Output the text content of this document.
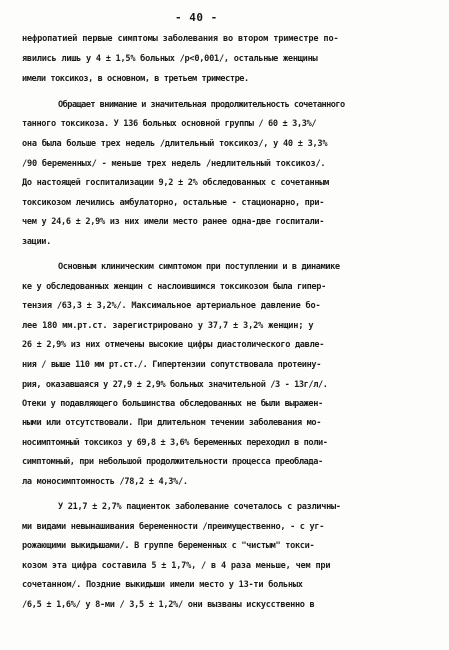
- 40 -
нефропатией первые симптомы заболевания во втором триместре по-
явились лишь у 4 ± 1,5% больных /р<0,001/, остальные женщины
имели токсикоз, в основном, в третьем триместре.
Обращает внимание и значительная продолжительность сочетанного
танного токсикоза. У 136 больных основной группы / 60 ± 3,3%/
она была больше трех недель /длительный токсикоз/, у 40 ± 3,3%
/90 беременных/ - меньше трех недель /недлительный токсикоз/.
До настоящей госпитализации 9,2 ± 2% обследованных с сочетанным
токсикозом лечились амбулаторно, остальные - стационарно, при-
чем у 24,6 ± 2,9% из них имели место ранее одна-две госпитали-
зации.
Основным клиническим симптомом при поступлении и в динамике
ке у обследованных женщин с наслоившимся токсикозом была гипер-
тензия /63,3 ± 3,2%/. Максимальное артериальное давление бо-
лее 180 мм.рт.ст. зарегистрировано у 37,7 ± 3,2% женщин; у
26 ± 2,9% из них отмечены высокие цифры диастолического давле-
ния / выше 110 мм рт.ст./. Гипертензии сопутствовала протеину-
рия, оказавшаяся у 27,9 ± 2,9% больных значительной /3 - 13г/л/.
Отеки у подавляющего большинства обследованных не были выражен-
ными или отсутствовали. При длительном течении заболевания мо-
носимптомный токсикоз у 69,8 ± 3,6% беременных переходил в поли-
симптомный, при небольшой продолжительности процесса преоблада-
ла моносимптомность /78,2 ± 4,3%/.
У 21,7 ± 2,7% пациенток заболевание сочеталось с различны-
ми видами невынашивания беременности /преимущественно, - с уг-
рожающими выкидышами/. В группе беременных с "чистым" токси-
козом эта цифра составила 5 ± 1,7%, / в 4 раза меньше, чем при
сочетанном/. Поздние выкидыши имели место у 13-ти больных
/6,5 ± 1,6%/ у 8-ми / 3,5 ± 1,2%/ они вызваны искусственно в
